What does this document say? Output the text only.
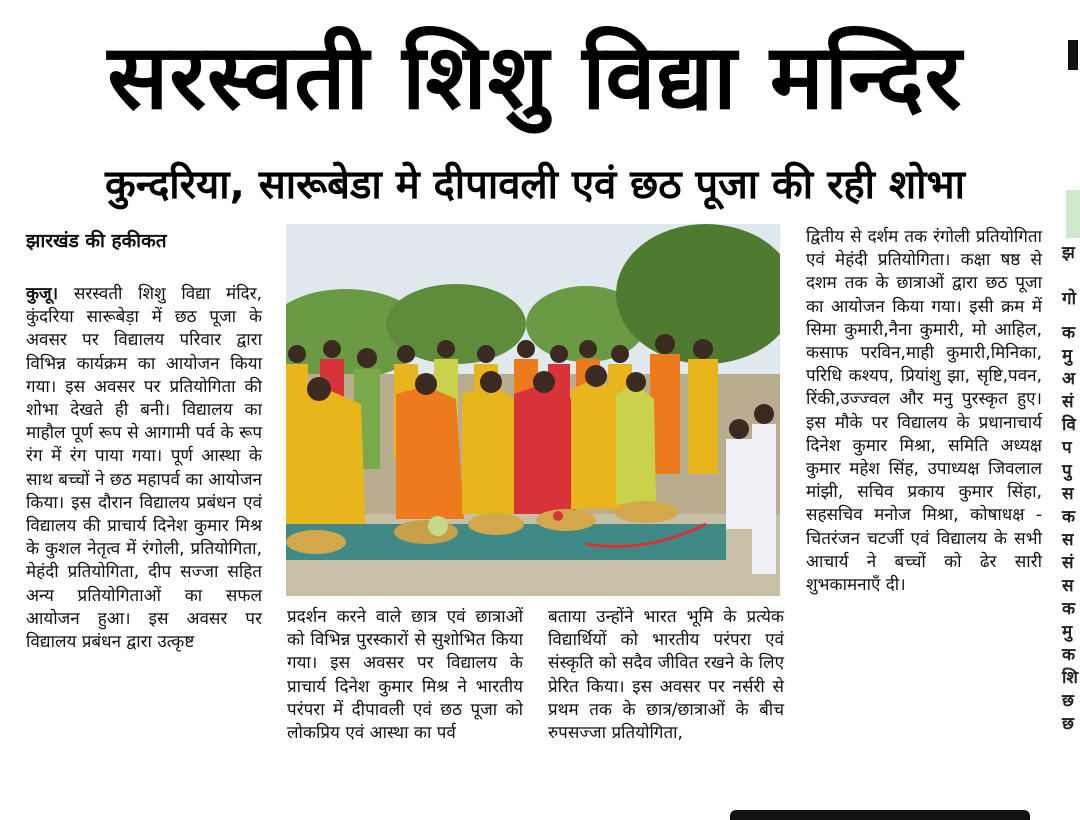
सरस्वती शिशु विद्या मन्दिर
कुन्दरिया, सारूबेडा मे दीपावली एवं छठ पूजा की रही शोभा
झारखंड की हकीकत
कुजू। सरस्वती शिशु विद्या मंदिर, कुंदरिया सारूबेड़ा में छठ पूजा के अवसर पर विद्यालय परिवार द्वारा विभिन्न कार्यक्रम का आयोजन किया गया। इस अवसर पर प्रतियोगिता की शोभा देखते ही बनी। विद्यालय का माहौल पूर्ण रूप से आगामी पर्व के रूप रंग में रंग पाया गया। पूर्ण आस्था के साथ बच्चों ने छठ महापर्व का आयोजन किया। इस दौरान विद्यालय प्रबंधन एवं विद्यालय की प्राचार्य दिनेश कुमार मिश्र के कुशल नेतृत्व में रंगोली, प्रतियोगिता, मेहंदी प्रतियोगिता, दीप सज्जा सहित अन्य प्रतियोगिताओं का सफल आयोजन हुआ। इस अवसर पर विद्यालय प्रबंधन द्वारा उत्कृष्ट
प्रदर्शन करने वाले छात्र एवं छात्राओं को विभिन्न पुरस्कारों से सुशोभित किया गया। इस अवसर पर विद्यालय के प्राचार्य दिनेश कुमार मिश्र ने भारतीय परंपरा में दीपावली एवं छठ पूजा को लोकप्रिय एवं आस्था का पर्व
बताया उन्होंने भारत भूमि के प्रत्येक विद्यार्थियों को भारतीय परंपरा एवं संस्कृति को सदैव जीवित रखने के लिए प्रेरित किया। इस अवसर पर नर्सरी से प्रथम तक के छात्र/छात्राओं के बीच रुपसज्जा प्रतियोगिता,
द्वितीय से दर्शम तक रंगोली प्रतियोगिता एवं मेहंदी प्रतियोगिता। कक्षा षष्ठ से दशम तक के छात्राओं द्वारा छठ पूजा का आयोजन किया गया। इसी क्रम में सिमा कुमारी,नैना कुमारी, मो आहिल, कसाफ परविन,माही कुमारी,मिनिका, परिधि कश्यप, प्रियांशु झा, सृष्टि,पवन, रिंकी,उज्ज्वल और मनु पुरस्कृत हुए। इस मौके पर विद्यालय के प्रधानाचार्य दिनेश कुमार मिश्रा, समिति अध्यक्ष कुमार महेश सिंह, उपाध्यक्ष जिवलाल मांझी, सचिव प्रकाय कुमार सिंहा, सहसचिव मनोज मिश्रा, कोषाधक्ष - चितरंजन चटर्जी एवं विद्यालय के सभी आचार्य ने बच्चों को ढेर सारी शुभकामनाएँ दी।
झ
गो
क
मु
अ
सं
वि
प
पु
स
क
स
सं
स
क
मु
क
शि
छ
छ
